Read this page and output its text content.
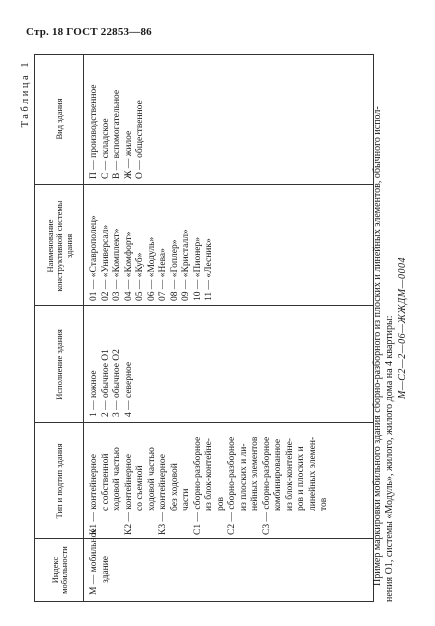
Стр. 18 ГОСТ 22853—86
Таблица 1
Индекс мобильности
Тип и подтип здания
Исполнение здания
Наименование конструктивной системы здания
Вид здания
М — мобильное здание
К1 — контейнерное с собственной ходовой частью К2 — контейнерное со съемной ходовой частью К3 — контейнерное без ходовой части С1 — сборно-разборное из блок-контейне- ров С2 — сборно-разборное из плоских и ли- нейных элементов С3 — сборно-разборное комбинированное из блок-контейне- ров и плоских и линейных элемен- тов
1 — южное 2 — обычное О1 3 — обычное О2 4 — северное
01 — «Ставрополец» 02 — «Универсал» 03 — «Комплект» 04 — «Комфорт» 05 — «Куб» 06 — «Модуль» 07 — «Нева» 08 — «Гоплер» 09 — «Кристалл» 10 — «Пионер» 11 — «Лесник»
П — производственное С — складское В — вспомогательное Ж — жилое О — общественное	Пример маркировки мобильного здания сборно-разборного из плоских и линейных элементов, обычного испол- нения О1, системы «Модуль», жилого, жилого дома на 4 квартиры: М—С2—2—06—ЖЖДМ—0004
